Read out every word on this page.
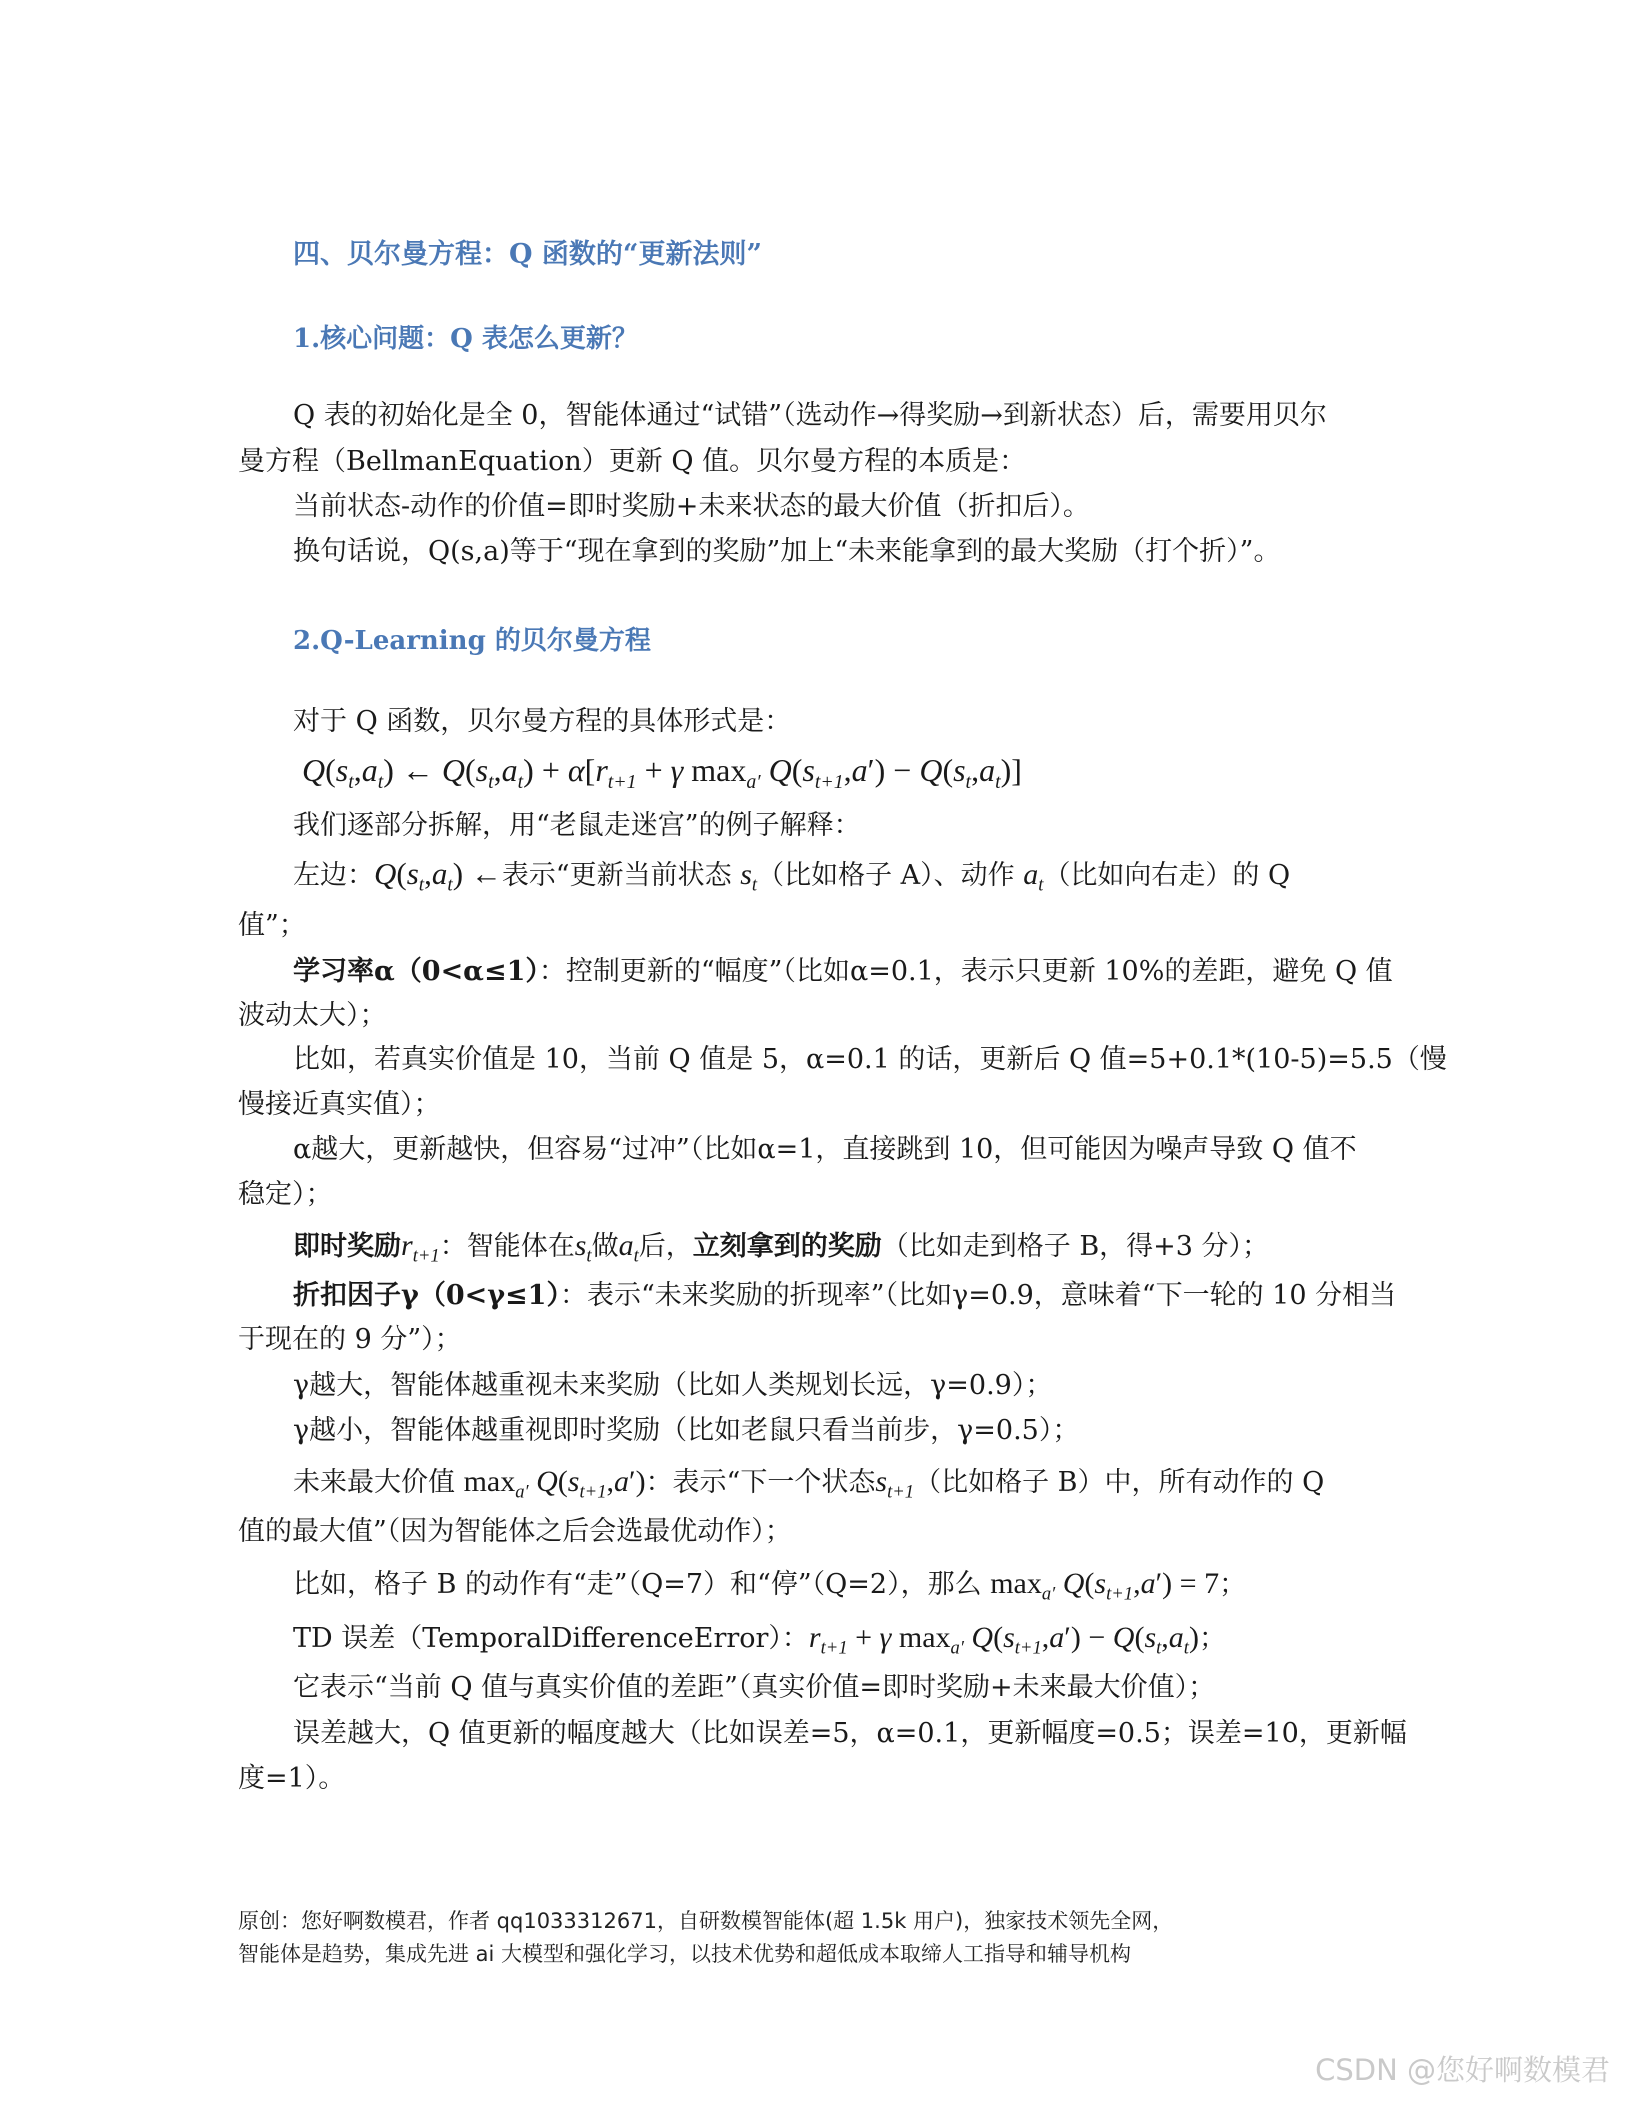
四、贝尔曼方程：Q 函数的“更新法则”
1.核心问题：Q 表怎么更新？
Q 表的初始化是全 0，智能体通过“试错”（选动作→得奖励→到新状态）后，需要用贝尔
曼方程（BellmanEquation）更新 Q 值。贝尔曼方程的本质是：
当前状态-动作的价值=即时奖励+未来状态的最大价值（折扣后）。
换句话说，Q(s,a)等于“现在拿到的奖励”加上“未来能拿到的最大奖励（打个折）”。
2.Q-Learning 的贝尔曼方程
对于 Q 函数，贝尔曼方程的具体形式是：
$Q(s_t,a_t)$ ← $Q(s_t,a_t) + \alpha[r_{t+1} + \gamma$ $\max_{a'} Q(s_{t+1},a') - Q(s_t,a_t)$]
我们逐部分拆解，用“老鼠走迷宫”的例子解释：
左边：$Q(s_t,a_t)$ ←表示“更新当前状态 $s_t$（比如格子 A）、动作 $a_t$（比如向右走）的 Q
值”；
学习率α（0<α≤1）：控制更新的“幅度”（比如α=0.1，表示只更新 10%的差距，避免 Q 值
波动太大）；
比如，若真实价值是 10，当前 Q 值是 5，α=0.1 的话，更新后 Q 值=5+0.1*(10-5)=5.5（慢
慢接近真实值）；
α越大，更新越快，但容易“过冲”（比如α=1，直接跳到 10，但可能因为噪声导致 Q 值不
稳定）；
即时奖励$r_{t+1}$：智能体在$s_t$做$a_t$后，立刻拿到的奖励（比如走到格子 B，得+3 分）；
折扣因子γ（0<γ≤1）：表示“未来奖励的折现率”（比如γ=0.9，意味着“下一轮的 10 分相当
于现在的 9 分”）；
γ越大，智能体越重视未来奖励（比如人类规划长远，γ=0.9）；
γ越小，智能体越重视即时奖励（比如老鼠只看当前步，γ=0.5）；
未来最大价值 $\max_{a'} Q(s_{t+1},a')$：表示“下一个状态$s_{t+1}$（比如格子 B）中，所有动作的 Q
值的最大值”（因为智能体之后会选最优动作）；
比如，格子 B 的动作有“走”（Q=7）和“停”（Q=2），那么 $\max_{a'} Q(s_{t+1},a') = 7$；
TD 误差（TemporalDifferenceError）：$r_{t+1} + \gamma$ $\max_{a'} Q(s_{t+1},a') - Q(s_t,a_t)$；
它表示“当前 Q 值与真实价值的差距”（真实价值=即时奖励+未来最大价值）；
误差越大，Q 值更新的幅度越大（比如误差=5，α=0.1，更新幅度=0.5；误差=10，更新幅
度=1）。
原创：您好啊数模君，作者 qq1033312671，自研数模智能体(超 1.5k 用户)，独家技术领先全网，
智能体是趋势，集成先进 ai 大模型和强化学习，以技术优势和超低成本取缔人工指导和辅导机构
CSDN @您好啊数模君
